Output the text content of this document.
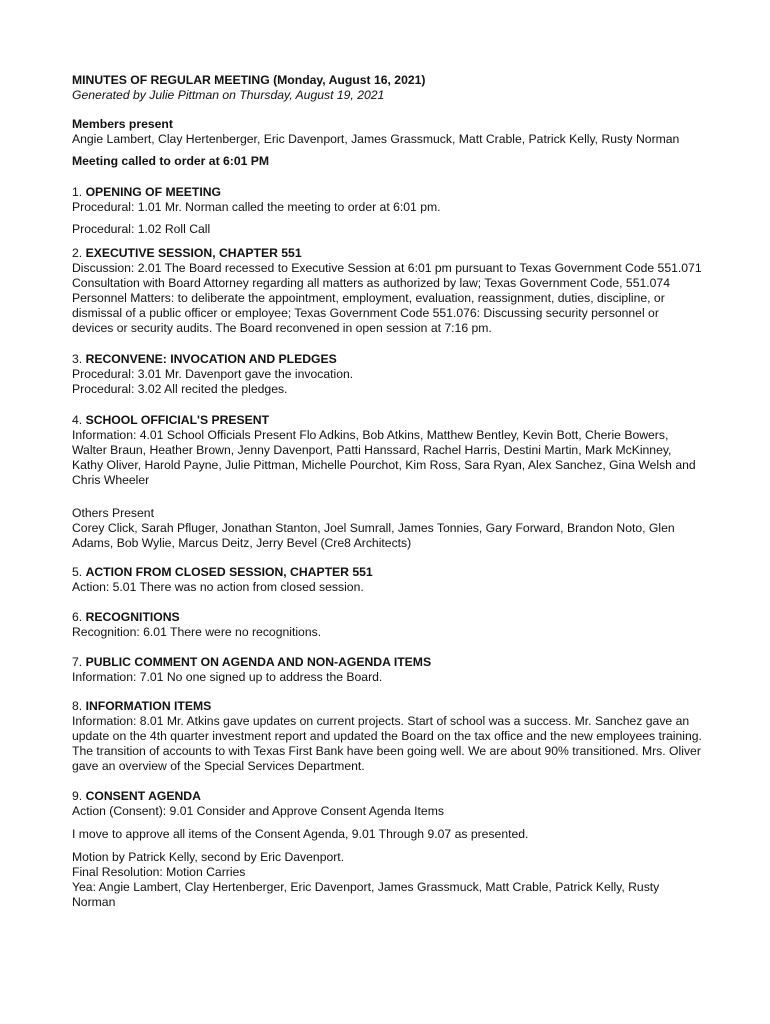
MINUTES OF REGULAR MEETING (Monday, August 16, 2021)

Generated by Julie Pittman on Thursday, August 19, 2021

Members present

Angie Lambert, Clay Hertenberger, Eric Davenport, James Grassmuck, Matt Crable, Patrick Kelly, Rusty Norman

Meeting called to order at 6:01 PM

1. OPENING OF MEETING

Procedural: 1.01 Mr. Norman called the meeting to order at 6:01 pm.

Procedural: 1.02 Roll Call

2. EXECUTIVE SESSION, CHAPTER 551

Discussion: 2.01 The Board recessed to Executive Session at 6:01 pm pursuant to Texas Government Code 551.071 Consultation with Board Attorney regarding all matters as authorized by law; Texas Government Code, 551.074 Personnel Matters: to deliberate the appointment, employment, evaluation, reassignment, duties, discipline, or dismissal of a public officer or employee; Texas Government Code 551.076: Discussing security personnel or devices or security audits. The Board reconvened in open session at 7:16 pm.

3. RECONVENE: INVOCATION AND PLEDGES

Procedural: 3.01 Mr. Davenport gave the invocation.

Procedural: 3.02 All recited the pledges.

4. SCHOOL OFFICIAL'S PRESENT

Information: 4.01 School Officials Present Flo Adkins, Bob Atkins, Matthew Bentley, Kevin Bott, Cherie Bowers, Walter Braun, Heather Brown, Jenny Davenport, Patti Hanssard, Rachel Harris, Destini Martin, Mark McKinney, Kathy Oliver, Harold Payne, Julie Pittman, Michelle Pourchot, Kim Ross, Sara Ryan, Alex Sanchez, Gina Welsh and Chris Wheeler

Others Present

Corey Click, Sarah Pfluger, Jonathan Stanton, Joel Sumrall, James Tonnies, Gary Forward, Brandon Noto, Glen Adams, Bob Wylie, Marcus Deitz, Jerry Bevel (Cre8 Architects)

5. ACTION FROM CLOSED SESSION, CHAPTER 551

Action: 5.01 There was no action from closed session.

6. RECOGNITIONS

Recognition: 6.01 There were no recognitions.

7. PUBLIC COMMENT ON AGENDA AND NON-AGENDA ITEMS

Information: 7.01 No one signed up to address the Board.

8. INFORMATION ITEMS

Information: 8.01 Mr. Atkins gave updates on current projects. Start of school was a success. Mr. Sanchez gave an update on the 4th quarter investment report and updated the Board on the tax office and the new employees training. The transition of accounts to with Texas First Bank have been going well. We are about 90% transitioned. Mrs. Oliver gave an overview of the Special Services Department.

9. CONSENT AGENDA

Action (Consent): 9.01 Consider and Approve Consent Agenda Items

I move to approve all items of the Consent Agenda, 9.01 Through 9.07 as presented.

Motion by Patrick Kelly, second by Eric Davenport.

Final Resolution: Motion Carries

Yea: Angie Lambert, Clay Hertenberger, Eric Davenport, James Grassmuck, Matt Crable, Patrick Kelly, Rusty Norman
